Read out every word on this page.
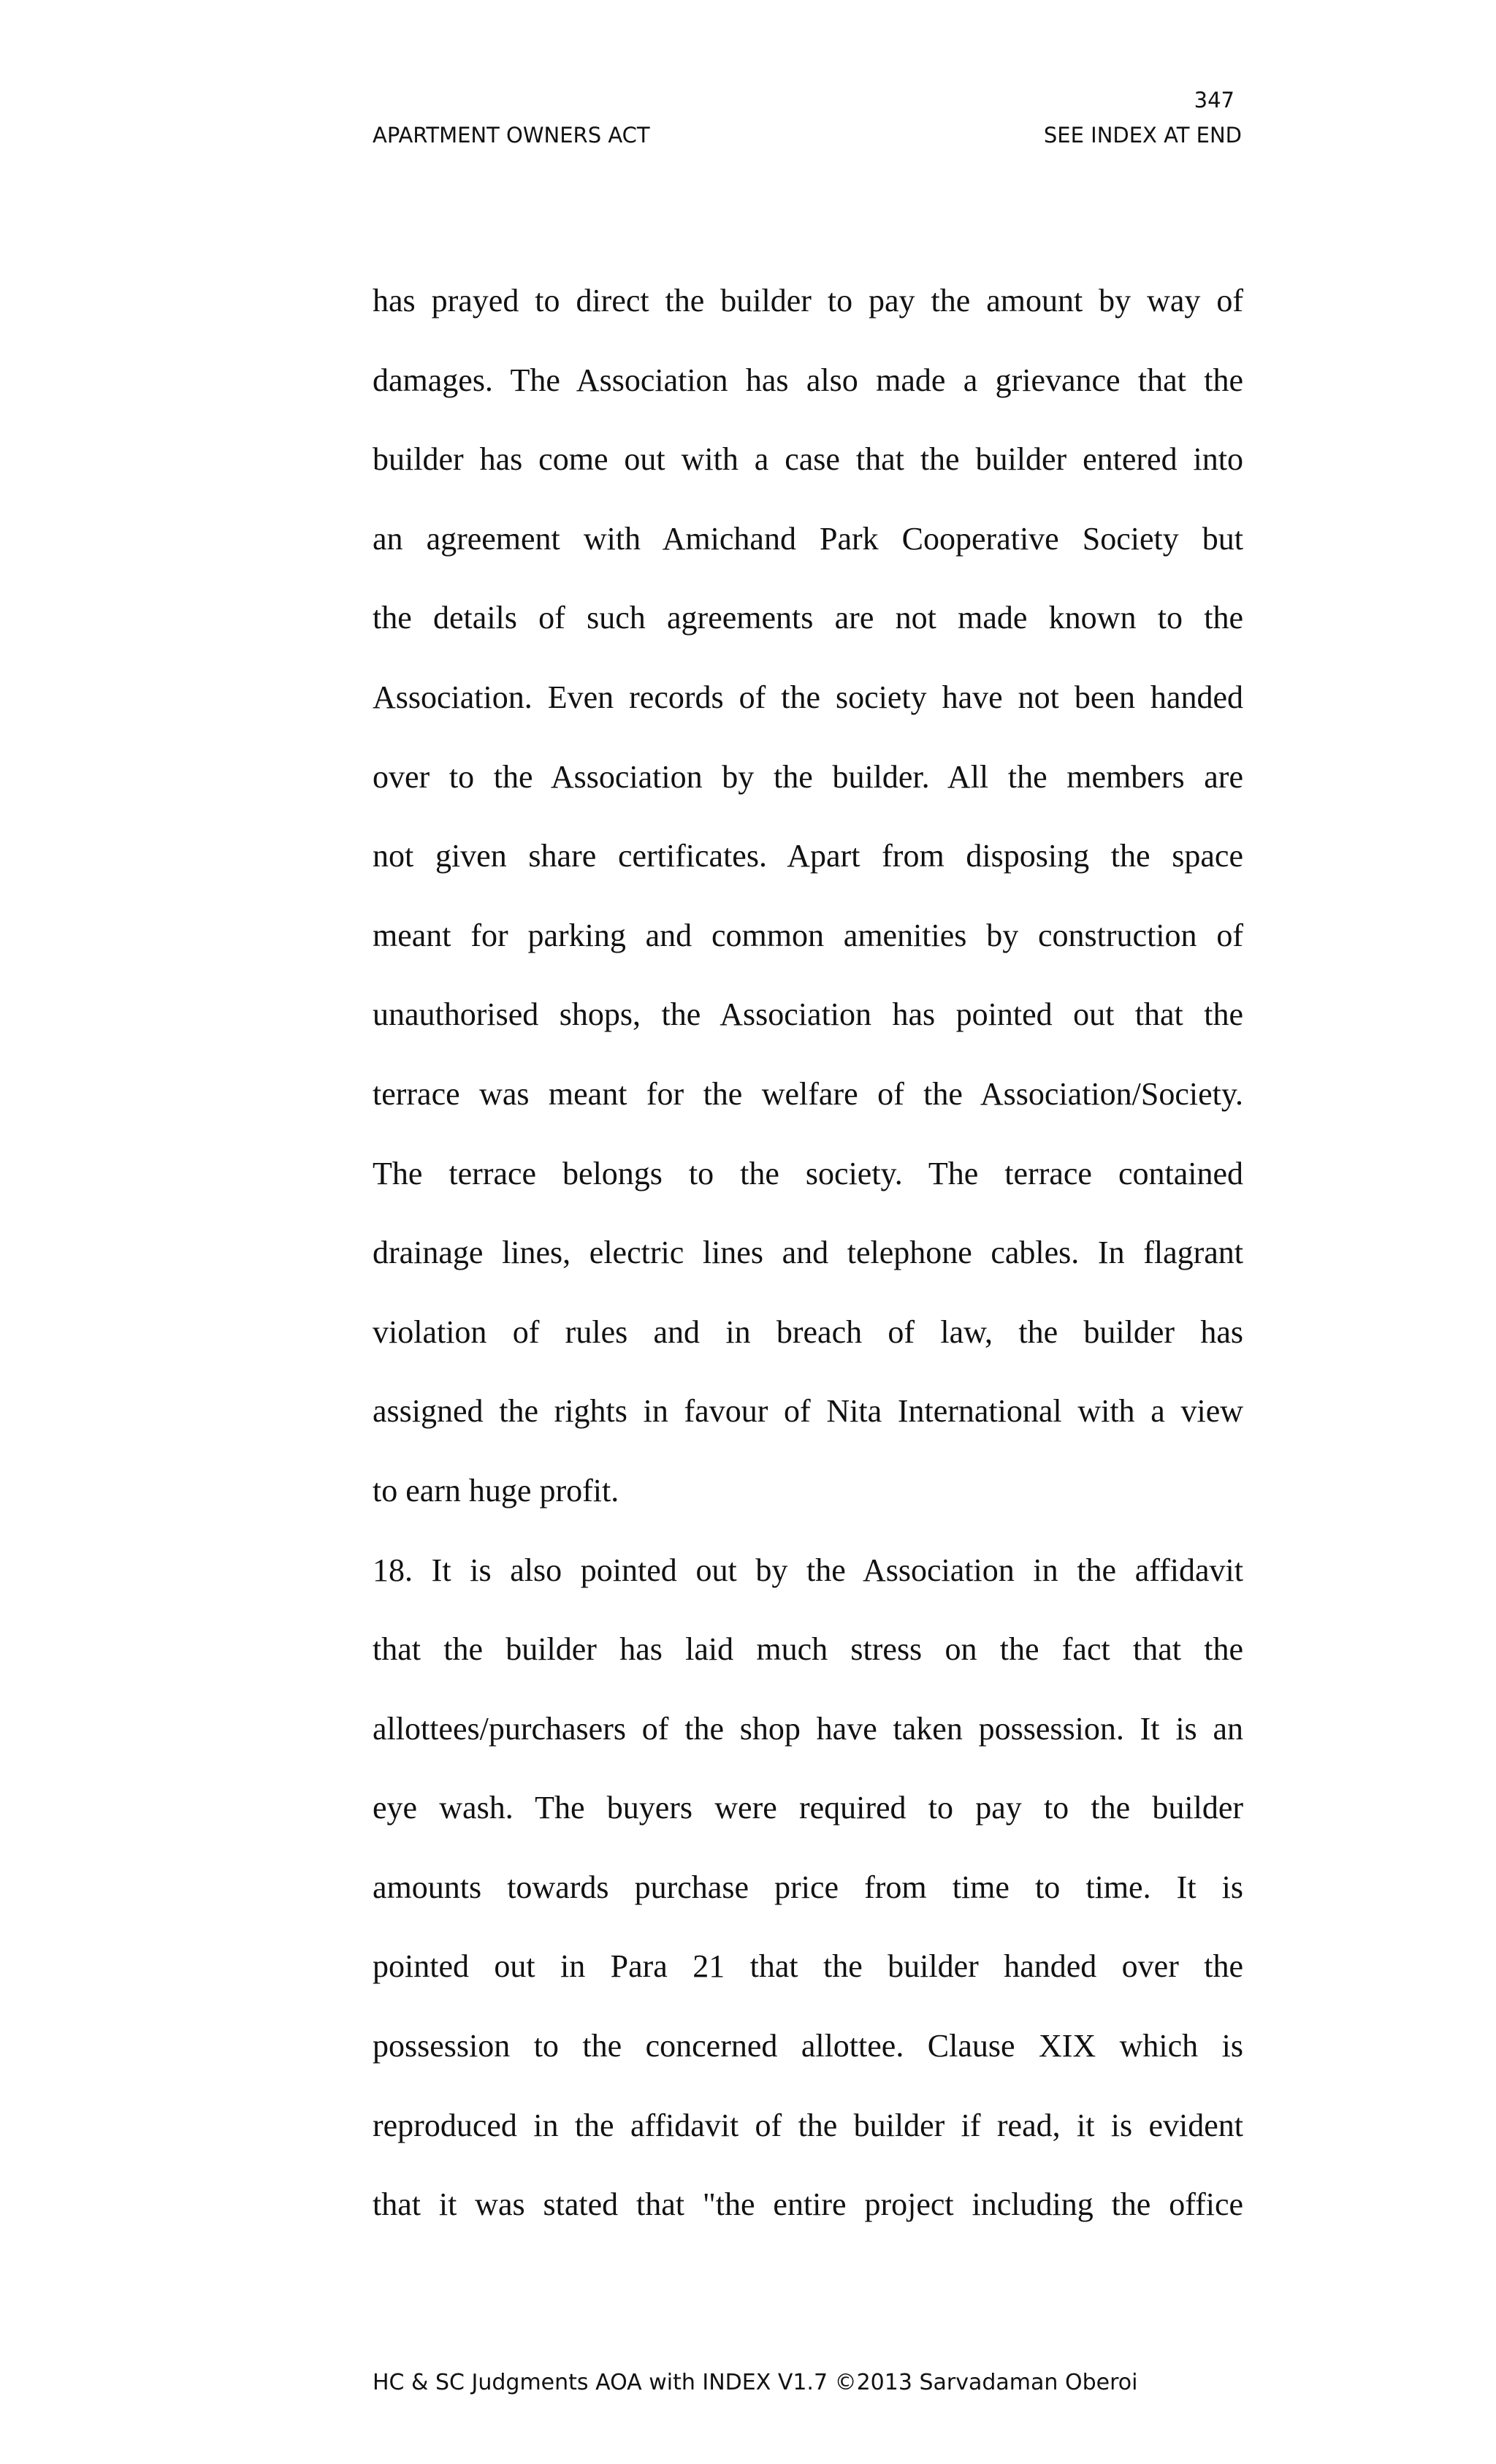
347
APARTMENT OWNERS ACT	SEE INDEX AT END
has prayed to direct the builder to pay the amount by way of
damages. The Association has also made a grievance that the
builder has come out with a case that the builder entered into
an agreement with Amichand Park Cooperative Society but
the details of such agreements are not made known to the
Association. Even records of the society have not been handed
over to the Association by the builder. All the members are
not given share certificates. Apart from disposing the space
meant for parking and common amenities by construction of
unauthorised shops, the Association has pointed out that the
terrace was meant for the welfare of the Association/Society.
The terrace belongs to the society. The terrace contained
drainage lines, electric lines and telephone cables. In flagrant
violation of rules and in breach of law, the builder has
assigned the rights in favour of Nita International with a view
to earn huge profit.
18. It is also pointed out by the Association in the affidavit
that the builder has laid much stress on the fact that the
allottees/purchasers of the shop have taken possession. It is an
eye wash. The buyers were required to pay to the builder
amounts towards purchase price from time to time. It is
pointed out in Para 21 that the builder handed over the
possession to the concerned allottee. Clause XIX which is
reproduced in the affidavit of the builder if read, it is evident
that it was stated that "the entire project including the office
HC & SC Judgments AOA with INDEX V1.7 ©2013 Sarvadaman Oberoi
